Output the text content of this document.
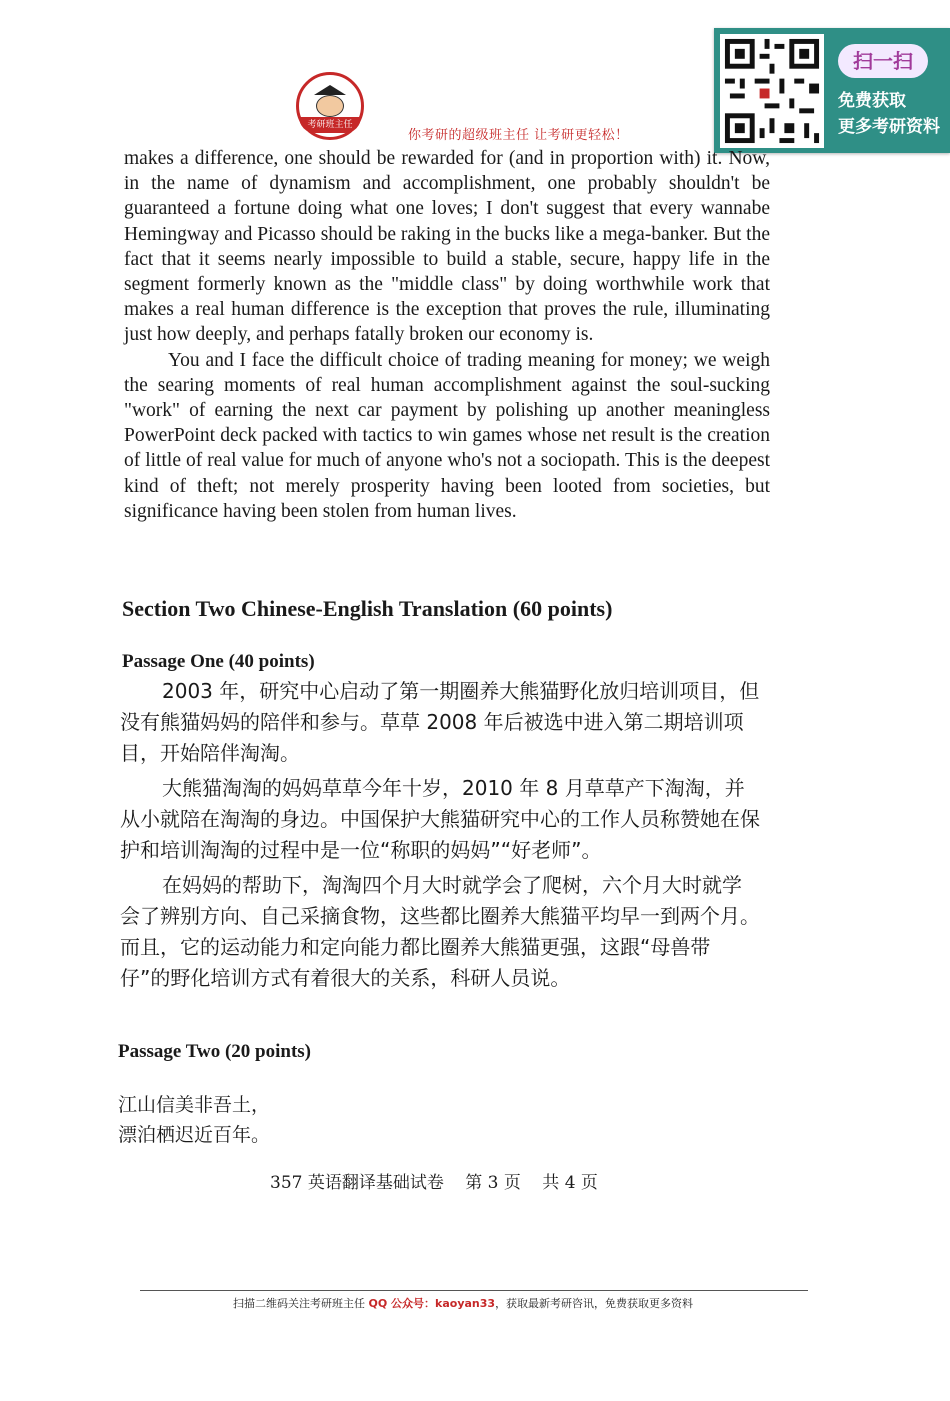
考研班主任
你考研的超级班主任 让考研更轻松！
扫一扫
免费获取
更多考研资料

makes a difference, one should be rewarded for (and in proportion with) it. Now, in the name of dynamism and accomplishment, one probably shouldn't be guaranteed a fortune doing what one loves; I don't suggest that every wannabe Hemingway and Picasso should be raking in the bucks like a mega-banker. But the fact that it seems nearly impossible to build a stable, secure, happy life in the segment formerly known as the "middle class" by doing worthwhile work that makes a real human difference is the exception that proves the rule, illuminating just how deeply, and perhaps fatally broken our economy is.

You and I face the difficult choice of trading meaning for money; we weigh the searing moments of real human accomplishment against the soul-sucking "work" of earning the next car payment by polishing up another meaningless PowerPoint deck packed with tactics to win games whose net result is the creation of little of real value for much of anyone who's not a sociopath. This is the deepest kind of theft; not merely prosperity having been looted from societies, but significance having been stolen from human lives.

Section Two Chinese-English Translation (60 points)
Passage One (40 points)

2003 年，研究中心启动了第一期圈养大熊猫野化放归培训项目，但没有熊猫妈妈的陪伴和参与。草草 2008 年后被选中进入第二期培训项目，开始陪伴淘淘。

大熊猫淘淘的妈妈草草今年十岁，2010 年 8 月草草产下淘淘，并从小就陪在淘淘的身边。中国保护大熊猫研究中心的工作人员称赞她在保护和培训淘淘的过程中是一位“称职的妈妈”“好老师”。

在妈妈的帮助下，淘淘四个月大时就学会了爬树，六个月大时就学会了辨别方向、自己采摘食物，这些都比圈养大熊猫平均早一到两个月。而且，它的运动能力和定向能力都比圈养大熊猫更强，这跟“母兽带仔”的野化培训方式有着很大的关系，科研人员说。

Passage Two (20 points)
江山信美非吾土，
漂泊栖迟近百年。
357 英语翻译基础试卷 第 3 页 共 4 页
扫描二维码关注考研班主任 QQ 公众号：kaoyan33，获取最新考研咨讯，免费获取更多资料
